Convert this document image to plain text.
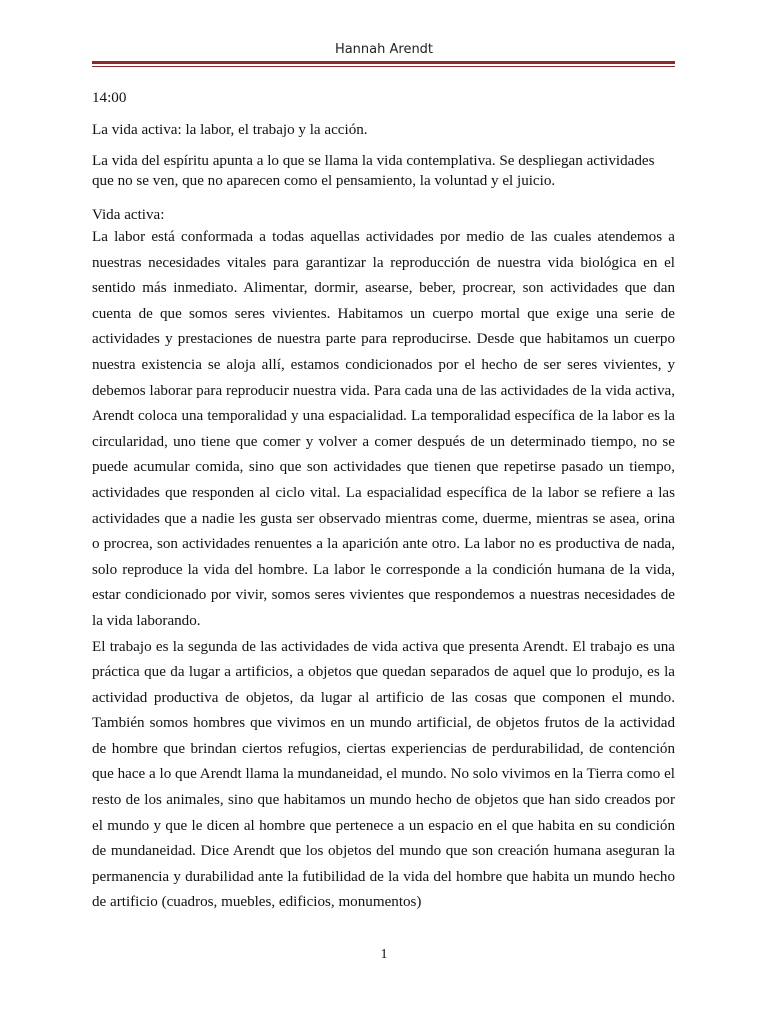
Hannah Arendt

14:00

La vida activa: la labor, el trabajo y la acción.

La vida del espíritu apunta a lo que se llama la vida contemplativa. Se despliegan actividades que no se ven, que no aparecen como el pensamiento, la voluntad y el juicio.

Vida activa:

La labor está conformada a todas aquellas actividades por medio de las cuales atendemos a nuestras necesidades vitales para garantizar la reproducción de nuestra vida biológica en el sentido más inmediato. Alimentar, dormir, asearse, beber, procrear, son actividades que dan cuenta de que somos seres vivientes. Habitamos un cuerpo mortal que exige una serie de actividades y prestaciones de nuestra parte para reproducirse. Desde que habitamos un cuerpo nuestra existencia se aloja allí, estamos condicionados por el hecho de ser seres vivientes, y debemos laborar para reproducir nuestra vida. Para cada una de las actividades de la vida activa, Arendt coloca una temporalidad y una espacialidad. La temporalidad específica de la labor es la circularidad, uno tiene que comer y volver a comer después de un determinado tiempo, no se puede acumular comida, sino que son actividades que tienen que repetirse pasado un tiempo, actividades que responden al ciclo vital. La espacialidad específica de la labor se refiere a las actividades que a nadie les gusta ser observado mientras come, duerme, mientras se asea, orina o procrea, son actividades renuentes a la aparición ante otro. La labor no es productiva de nada, solo reproduce la vida del hombre. La labor le corresponde a la condición humana de la vida, estar condicionado por vivir, somos seres vivientes que respondemos a nuestras necesidades de la vida laborando.

El trabajo es la segunda de las actividades de vida activa que presenta Arendt. El trabajo es una práctica que da lugar a artificios, a objetos que quedan separados de aquel que lo produjo, es la actividad productiva de objetos, da lugar al artificio de las cosas que componen el mundo. También somos hombres que vivimos en un mundo artificial, de objetos frutos de la actividad de hombre que brindan ciertos refugios, ciertas experiencias de perdurabilidad, de contención que hace a lo que Arendt llama la mundaneidad, el mundo. No solo vivimos en la Tierra como el resto de los animales, sino que habitamos un mundo hecho de objetos que han sido creados por el mundo y que le dicen al hombre que pertenece a un espacio en el que habita en su condición de mundaneidad. Dice Arendt que los objetos del mundo que son creación humana aseguran la permanencia y durabilidad ante la futibilidad de la vida del hombre que habita un mundo hecho de artificio (cuadros, muebles, edificios, monumentos)

1
